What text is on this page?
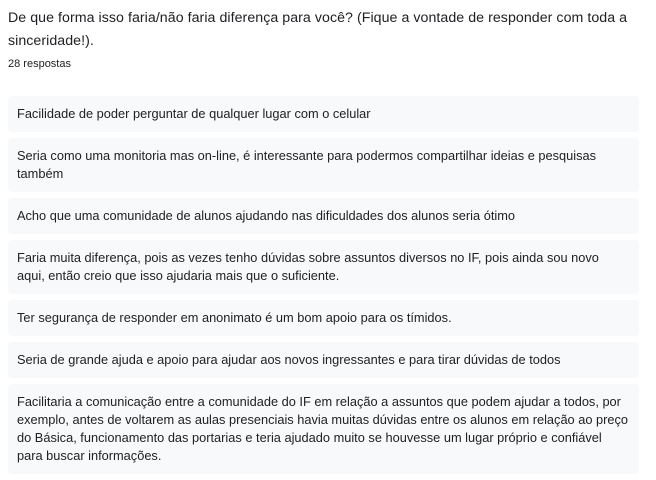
De que forma isso faria/não faria diferença para você? (Fique a vontade de responder com toda a sinceridade!).
28 respostas
Facilidade de poder perguntar de qualquer lugar com o celular
Seria como uma monitoria mas on-line, é interessante para podermos compartilhar ideias e pesquisas também
Acho que uma comunidade de alunos ajudando nas dificuldades dos alunos seria ótimo
Faria muita diferença, pois as vezes tenho dúvidas sobre assuntos diversos no IF, pois ainda sou novo aqui, então creio que isso ajudaria mais que o suficiente.
Ter segurança de responder em anonimato é um bom apoio para os tímidos.
Seria de grande ajuda e apoio para ajudar aos novos ingressantes e para tirar dúvidas de todos
Facilitaria a comunicação entre a comunidade do IF em relação a assuntos que podem ajudar a todos, por exemplo, antes de voltarem as aulas presenciais havia muitas dúvidas entre os alunos em relação ao preço do Básica, funcionamento das portarias e teria ajudado muito se houvesse um lugar próprio e confiável para buscar informações.
